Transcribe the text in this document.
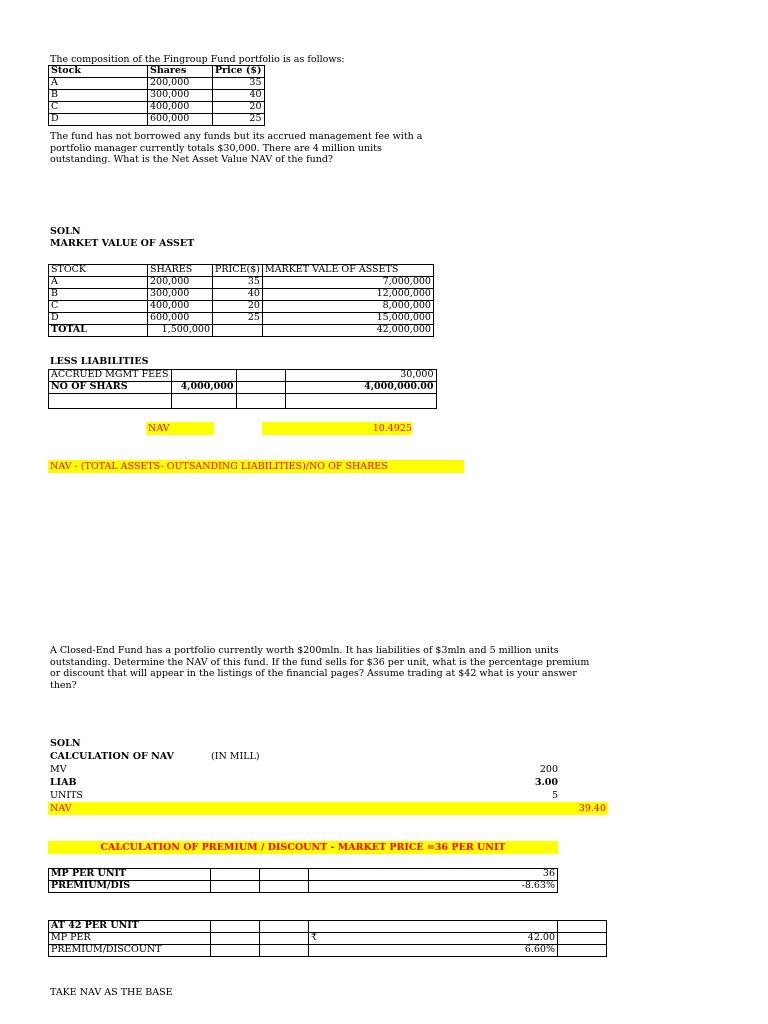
The composition of the Fingroup Fund portfolio is as follows:
Stock	Shares	Price ($)
A	200,000	35
B	300,000	40
C	400,000	20
D	600,000	25
The fund has not borrowed any funds but its accrued management fee with a
portfolio manager currently totals $30,000. There are 4 million units
outstanding. What is the Net Asset Value NAV of the fund?
SOLN
MARKET VALUE OF ASSET
STOCK	SHARES	PRICE($)	MARKET VALE OF ASSETS
A	200,000	35	7,000,000
B	300,000	40	12,000,000
C	400,000	20	8,000,000
D	600,000	25	15,000,000
TOTAL	1,500,000		42,000,000
LESS LIABILITIES
ACCRUED MGMT FEES			30,000
NO OF SHARS	4,000,000		4,000,000.00

NAV	10.4925
NAV - (TOTAL ASSETS- OUTSANDING LIABILITIES)/NO OF SHARES
A Closed-End Fund has a portfolio currently worth $200mln. It has liabilities of $3mln and 5 million units
outstanding. Determine the NAV of this fund. If the fund sells for $36 per unit, what is the percentage premium
or discount that will appear in the listings of the financial pages? Assume trading at $42 what is your answer
then?
SOLN
CALCULATION OF NAV	(IN MILL)
MV	200
LIAB	3.00
UNITS	5
NAV	39.40
CALCULATION OF PREMIUM / DISCOUNT - MARKET PRICE =36 PER UNIT
MP PER UNIT			36
PREMIUM/DIS			-8.63%
AT 42 PER UNIT				
MP PER			₹ 42.00	

PREMIUM/DISCOUNT			6.60%	
TAKE NAV AS THE BASE
